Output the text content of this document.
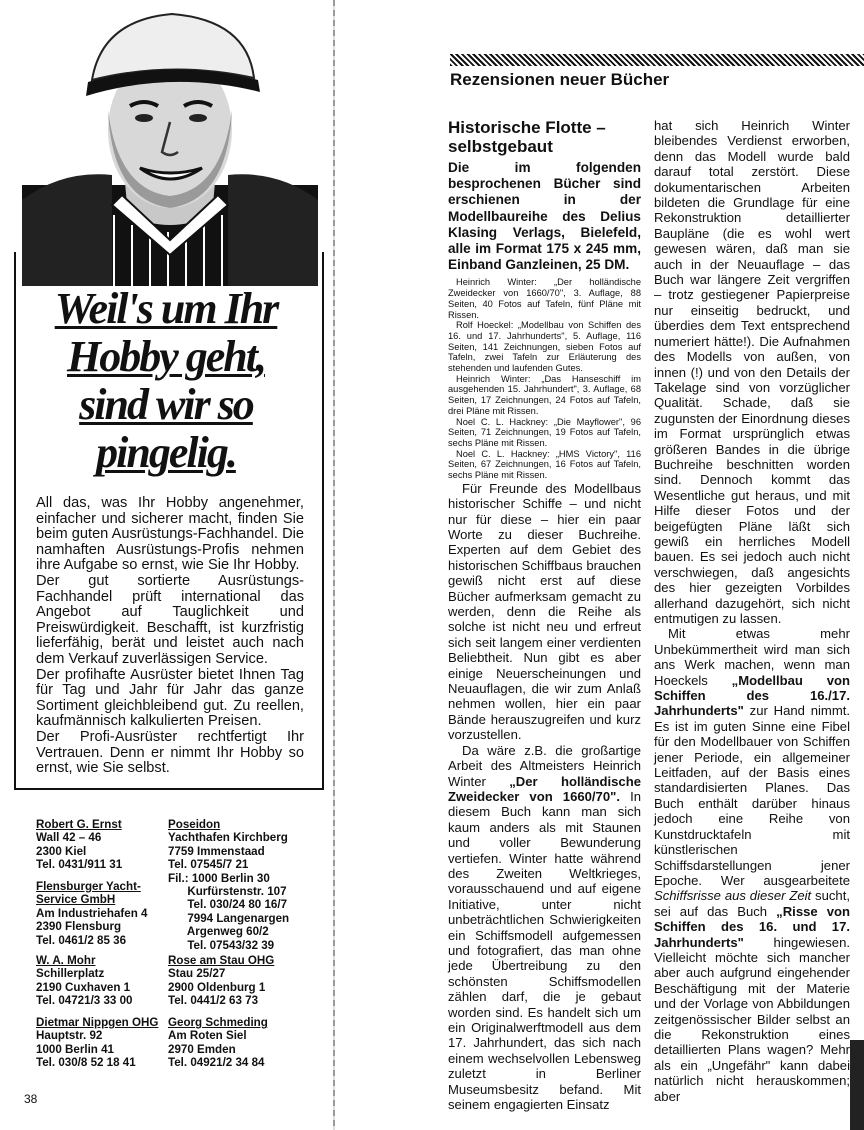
Weil's um Ihr
Hobby geht,
sind wir so
pingelig.

All das, was Ihr Hobby angenehmer, einfacher und sicherer macht, finden Sie beim guten Ausrüstungs-Fachhandel. Die namhaften Ausrüstungs-Profis nehmen ihre Aufgabe so ernst, wie Sie Ihr Hobby.

Der gut sortierte Ausrüstungs-Fachhandel prüft international das Angebot auf Tauglichkeit und Preiswürdigkeit. Beschafft, ist kurzfristig lieferfähig, berät und leistet auch nach dem Verkauf zuverlässigen Service.

Der profihafte Ausrüster bietet Ihnen Tag für Tag und Jahr für Jahr das ganze Sortiment gleichbleibend gut. Zu reellen, kaufmännisch kalkulierten Preisen.

Der Profi-Ausrüster rechtfertigt Ihr Vertrauen. Denn er nimmt Ihr Hobby so ernst, wie Sie selbst.

Robert G. Ernst
Wall 42 – 46
2300 Kiel
Tel. 0431/911 31
Poseidon
Yachthafen Kirchberg
7759 Immenstaad
Tel. 07545/7 21
Fil.: 1000 Berlin 30
Kurfürstenstr. 107
Tel. 030/24 80 16/7
7994 Langenargen
Argenweg 60/2
Tel. 07543/32 39
Flensburger Yacht-Service GmbH
Am Industriehafen 4
2390 Flensburg
Tel. 0461/2 85 36
W. A. Mohr
Schillerplatz
2190 Cuxhaven 1
Tel. 04721/3 33 00
Rose am Stau OHG
Stau 25/27
2900 Oldenburg 1
Tel. 0441/2 63 73
Dietmar Nippgen OHG
Hauptstr. 92
1000 Berlin 41
Tel. 030/8 52 18 41
Georg Schmeding
Am Roten Siel
2970 Emden
Tel. 04921/2 34 84
38
Rezensionen neuer Bücher
Historische Flotte – selbstgebaut
Die im folgenden besprochenen Bücher sind erschienen in der Modellbaureihe des Delius Klasing Verlags, Bielefeld, alle im Format 175 x 245 mm, Einband Ganzleinen, 25 DM.

Heinrich Winter: „Der holländische Zweidecker von 1660/70", 3. Auflage, 88 Seiten, 40 Fotos auf Tafeln, fünf Pläne mit Rissen.

Rolf Hoeckel: „Modellbau von Schiffen des 16. und 17. Jahrhunderts", 5. Auflage, 116 Seiten, 141 Zeichnungen, sieben Fotos auf Tafeln, zwei Tafeln zur Erläuterung des stehenden und laufenden Gutes.

Heinrich Winter: „Das Hanseschiff im ausgehenden 15. Jahrhundert", 3. Auflage, 68 Seiten, 17 Zeichnungen, 24 Fotos auf Tafeln, drei Pläne mit Rissen.

Noel C. L. Hackney: „Die Mayflower", 96 Seiten, 71 Zeichnungen, 19 Fotos auf Tafeln, sechs Pläne mit Rissen.

Noel C. L. Hackney: „HMS Victory", 116 Seiten, 67 Zeichnungen, 16 Fotos auf Tafeln, sechs Pläne mit Rissen.

Für Freunde des Modellbaus historischer Schiffe – und nicht nur für diese – hier ein paar Worte zu dieser Buchreihe. Experten auf dem Gebiet des historischen Schiffbaus brauchen gewiß nicht erst auf diese Bücher aufmerksam gemacht zu werden, denn die Reihe als solche ist nicht neu und erfreut sich seit langem einer verdienten Beliebtheit. Nun gibt es aber einige Neuerscheinungen und Neuauflagen, die wir zum Anlaß nehmen wollen, hier ein paar Bände herauszugreifen und kurz vorzustellen.

Da wäre z.B. die großartige Arbeit des Altmeisters Heinrich Winter „Der holländische Zweidecker von 1660/70". In diesem Buch kann man sich kaum anders als mit Staunen und voller Bewunderung vertiefen. Winter hatte während des Zweiten Weltkrieges, vorausschauend und auf eigene Initiative, unter nicht unbeträchtlichen Schwierigkeiten ein Schiffsmodell aufgemessen und fotografiert, das man ohne jede Übertreibung zu den schönsten Schiffsmodellen zählen darf, die je gebaut worden sind. Es handelt sich um ein Originalwerftmodell aus dem 17. Jahrhundert, das sich nach einem wechselvollen Lebensweg zuletzt in Berliner Museumsbesitz befand. Mit seinem engagierten Einsatz

hat sich Heinrich Winter bleibendes Verdienst erworben, denn das Modell wurde bald darauf total zerstört. Diese dokumentarischen Arbeiten bildeten die Grundlage für eine Rekonstruktion detaillierter Baupläne (die es wohl wert gewesen wären, daß man sie auch in der Neuauflage – das Buch war längere Zeit vergriffen – trotz gestiegener Papierpreise nur einseitig bedruckt, und überdies dem Text entsprechend numeriert hätte!). Die Aufnahmen des Modells von außen, von innen (!) und von den Details der Takelage sind von vorzüglicher Qualität. Schade, daß sie zugunsten der Einordnung dieses im Format ursprünglich etwas größeren Bandes in die übrige Buchreihe beschnitten worden sind. Dennoch kommt das Wesentliche gut heraus, und mit Hilfe dieser Fotos und der beigefügten Pläne läßt sich gewiß ein herrliches Modell bauen. Es sei jedoch auch nicht verschwiegen, daß angesichts des hier gezeigten Vorbildes allerhand dazugehört, sich nicht entmutigen zu lassen.

Mit etwas mehr Unbekümmertheit wird man sich ans Werk machen, wenn man Hoeckels „Modellbau von Schiffen des 16./17. Jahrhunderts" zur Hand nimmt. Es ist im guten Sinne eine Fibel für den Modellbauer von Schiffen jener Periode, ein allgemeiner Leitfaden, auf der Basis eines standardisierten Planes. Das Buch enthält darüber hinaus jedoch eine Reihe von Kunstdrucktafeln mit künstlerischen Schiffsdarstellungen jener Epoche. Wer ausgearbeitete Schiffsrisse aus dieser Zeit sucht, sei auf das Buch „Risse von Schiffen des 16. und 17. Jahrhunderts" hingewiesen. Vielleicht möchte sich mancher aber auch aufgrund eingehender Beschäftigung mit der Materie und der Vorlage von Abbildungen zeitgenössischer Bilder selbst an die Rekonstruktion eines detaillierten Plans wagen? Mehr als ein „Ungefähr" kann dabei natürlich nicht herauskommen; aber
